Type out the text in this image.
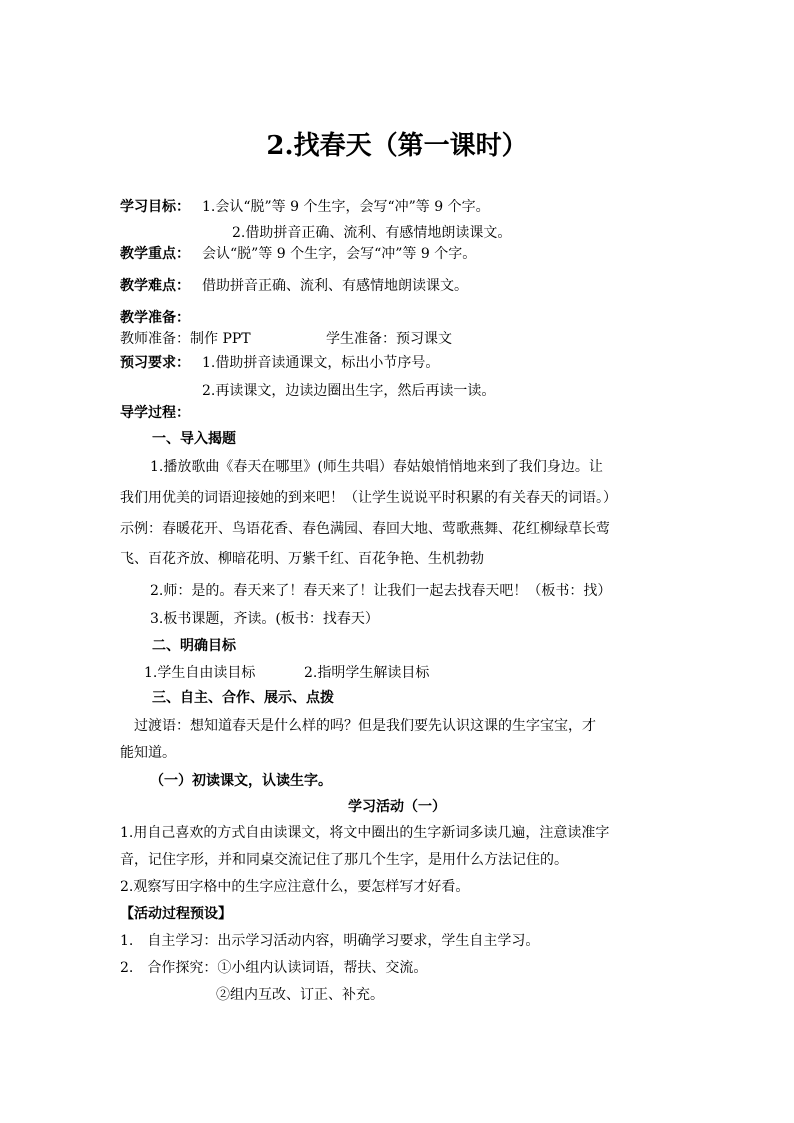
2.找春天（第一课时）
学习目标： 1.会认“脱”等 9 个生字，会写“冲”等 9 个字。
2.借助拼音正确、流利、有感情地朗读课文。
教学重点： 会认“脱”等 9 个生字，会写“冲”等 9 个字。
教学难点： 借助拼音正确、流利、有感情地朗读课文。
教学准备：
教师准备：制作 PPT	学生准备：预习课文
预习要求： 1.借助拼音读通课文，标出小节序号。
2.再读课文，边读边圈出生字，然后再读一读。
导学过程：
一、导入揭题
1.播放歌曲《春天在哪里》(师生共唱）春姑娘悄悄地来到了我们身边。让
我们用优美的词语迎接她的到来吧！（让学生说说平时积累的有关春天的词语。）
示例：春暖花开、鸟语花香、春色满园、春回大地、莺歌燕舞、花红柳绿草长莺
飞、百花齐放、柳暗花明、万紫千红、百花争艳、生机勃勃
2.师：是的。春天来了！春天来了！让我们一起去找春天吧！（板书：找）
3.板书课题，齐读。(板书：找春天）
二、明确目标
1.学生自由读目标	2.指明学生解读目标
三、自主、合作、展示、点拨
过渡语：想知道春天是什么样的吗？但是我们要先认识这课的生字宝宝，才
能知道。
（一）初读课文，认读生字。
学习活动（一）
1.用自己喜欢的方式自由读课文，将文中圈出的生字新词多读几遍，注意读准字
音，记住字形，并和同桌交流记住了那几个生字，是用什么方法记住的。
2.观察写田字格中的生字应注意什么，要怎样写才好看。
【活动过程预设】
1.　自主学习：出示学习活动内容，明确学习要求，学生自主学习。
2.　合作探究：①小组内认读词语，帮扶、交流。
②组内互改、订正、补充。
